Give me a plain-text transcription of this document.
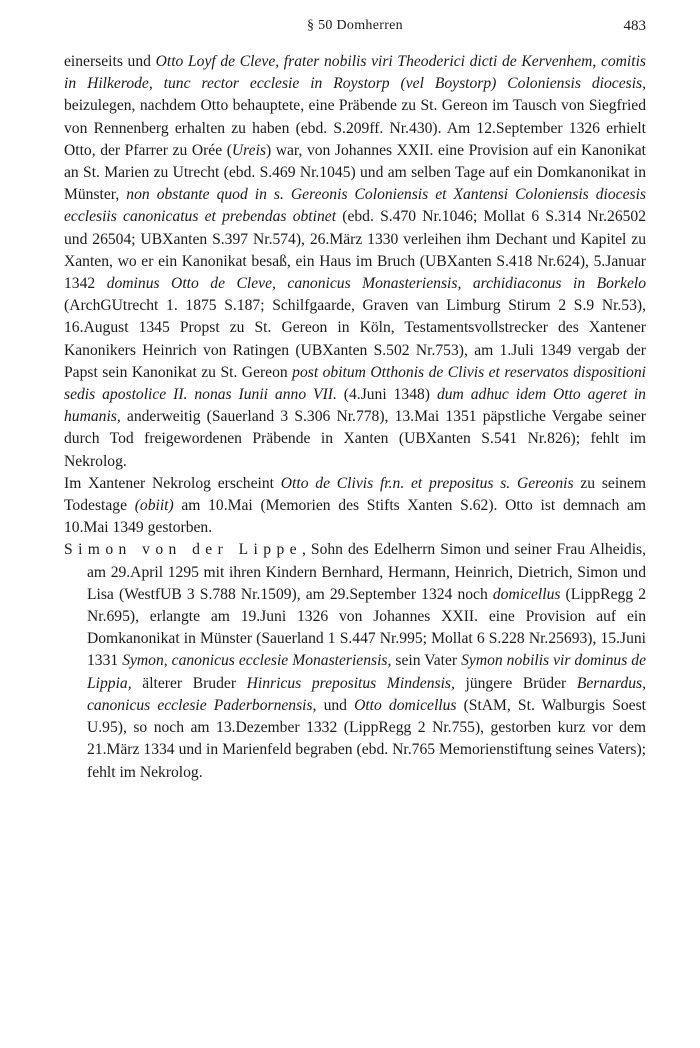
§ 50 Domherren	483

einerseits und Otto Loyf de Cleve, frater nobilis viri Theoderici dicti de Kervenhem, comitis in Hilkerode, tunc rector ecclesie in Roystorp (vel Boystorp) Coloniensis diocesis, beizulegen, nachdem Otto behauptete, eine Präbende zu St. Gereon im Tausch von Siegfried von Rennenberg erhalten zu haben (ebd. S.209ff. Nr.430). Am 12.September 1326 erhielt Otto, der Pfarrer zu Orée (Ureis) war, von Johannes XXII. eine Provision auf ein Kanonikat an St. Marien zu Utrecht (ebd. S.469 Nr.1045) und am selben Tage auf ein Domkanonikat in Münster, non obstante quod in s. Gereonis Coloniensis et Xantensi Coloniensis diocesis ecclesiis canonicatus et prebendas obtinet (ebd. S.470 Nr.1046; Mollat 6 S.314 Nr.26502 und 26504; UBXanten S.397 Nr.574), 26.März 1330 verleihen ihm Dechant und Kapitel zu Xanten, wo er ein Kanonikat besaß, ein Haus im Bruch (UBXanten S.418 Nr.624), 5.Januar 1342 dominus Otto de Cleve, canonicus Monasteriensis, archidiaconus in Borkelo (ArchGUtrecht 1. 1875 S.187; Schilfgaarde, Graven van Limburg Stirum 2 S.9 Nr.53), 16.August 1345 Propst zu St. Gereon in Köln, Testamentsvollstrecker des Xantener Kanonikers Heinrich von Ratingen (UBXanten S.502 Nr.753), am 1.Juli 1349 vergab der Papst sein Kanonikat zu St. Gereon post obitum Otthonis de Clivis et reservatos dispositioni sedis apostolice II. nonas Iunii anno VII. (4.Juni 1348) dum adhuc idem Otto ageret in humanis, anderweitig (Sauerland 3 S.306 Nr.778), 13.Mai 1351 päpstliche Vergabe seiner durch Tod freigewordenen Präbende in Xanten (UBXanten S.541 Nr.826); fehlt im Nekrolog.

Im Xantener Nekrolog erscheint Otto de Clivis fr.n. et prepositus s. Gereonis zu seinem Todestage (obiit) am 10.Mai (Memorien des Stifts Xanten S.62). Otto ist demnach am 10.Mai 1349 gestorben.

Simon von der Lippe, Sohn des Edelherrn Simon und seiner Frau Alheidis, am 29.April 1295 mit ihren Kindern Bernhard, Hermann, Heinrich, Dietrich, Simon und Lisa (WestfUB 3 S.788 Nr.1509), am 29.September 1324 noch domicellus (LippRegg 2 Nr.695), erlangte am 19.Juni 1326 von Johannes XXII. eine Provision auf ein Domkanonikat in Münster (Sauerland 1 S.447 Nr.995; Mollat 6 S.228 Nr.25693), 15.Juni 1331 Symon, canonicus ecclesie Monasteriensis, sein Vater Symon nobilis vir dominus de Lippia, älterer Bruder Hinricus prepositus Mindensis, jüngere Brüder Bernardus, canonicus ecclesie Paderbornensis, und Otto domicellus (StAM, St. Walburgis Soest U.95), so noch am 13.Dezember 1332 (LippRegg 2 Nr.755), gestorben kurz vor dem 21.März 1334 und in Marienfeld begraben (ebd. Nr.765 Memorienstiftung seines Vaters); fehlt im Nekrolog.
